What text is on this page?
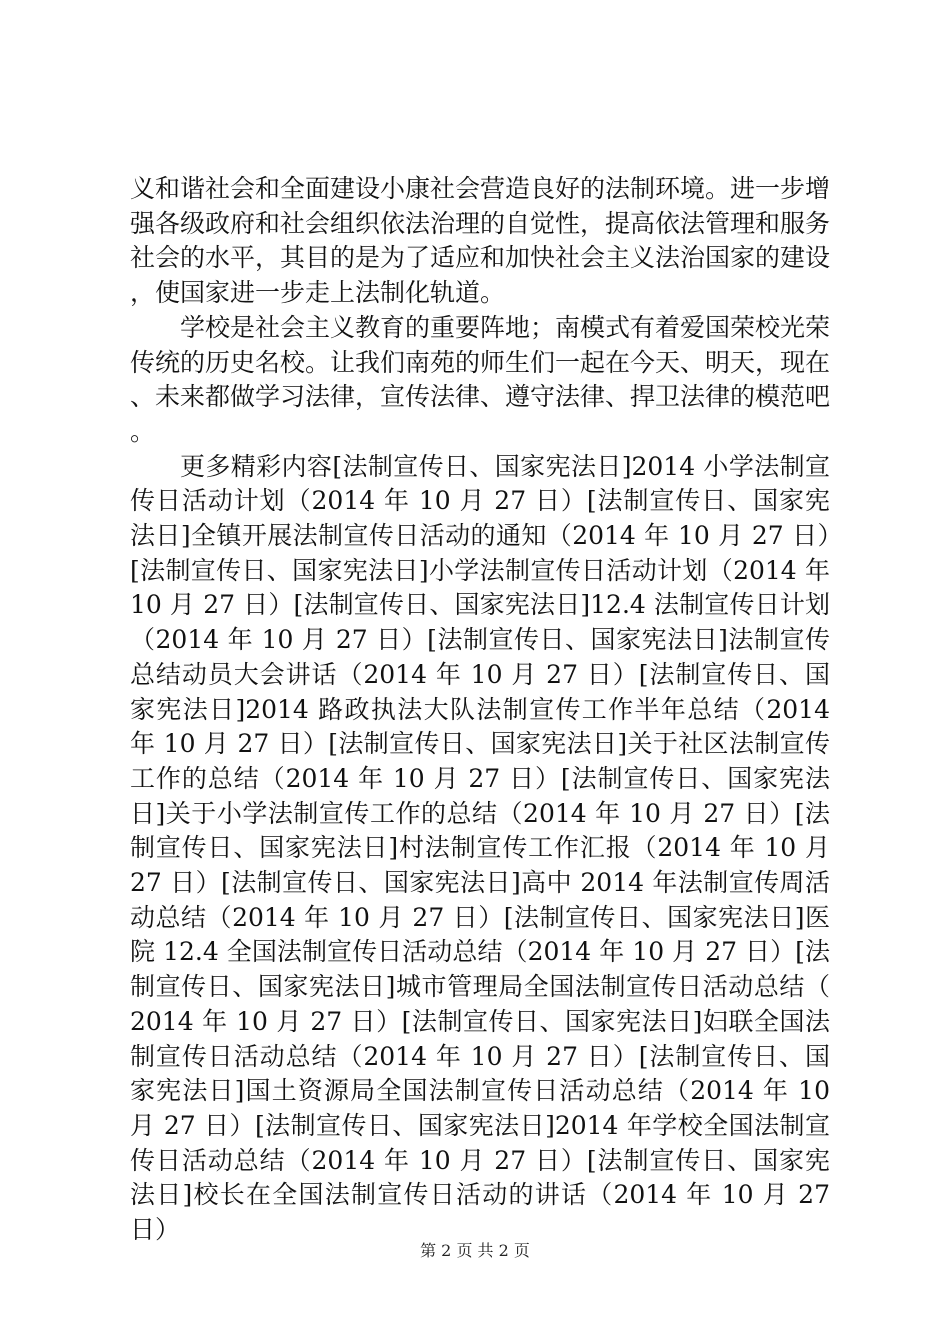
义和谐社会和全面建设小康社会营造良好的法制环境。进一步增强各级政府和社会组织依法治理的自觉性，提高依法管理和服务社会的水平，其目的是为了适应和加快社会主义法治国家的建设，使国家进一步走上法制化轨道。

学校是社会主义教育的重要阵地；南模式有着爱国荣校光荣传统的历史名校。让我们南苑的师生们一起在今天、明天，现在、未来都做学习法律，宣传法律、遵守法律、捍卫法律的模范吧。

更多精彩内容[法制宣传日、国家宪法日]2014 小学法制宣传日活动计划（2014 年 10 月 27 日）[法制宣传日、国家宪法日]全镇开展法制宣传日活动的通知（2014 年 10 月 27 日）[法制宣传日、国家宪法日]小学法制宣传日活动计划（2014 年 10 月 27 日）[法制宣传日、国家宪法日]12.4 法制宣传日计划（2014 年 10 月 27 日）[法制宣传日、国家宪法日]法制宣传总结动员大会讲话（2014 年 10 月 27 日）[法制宣传日、国家宪法日]2014 路政执法大队法制宣传工作半年总结（2014 年 10 月 27 日）[法制宣传日、国家宪法日]关于社区法制宣传工作的总结（2014 年 10 月 27 日）[法制宣传日、国家宪法日]关于小学法制宣传工作的总结（2014 年 10 月 27 日）[法制宣传日、国家宪法日]村法制宣传工作汇报（2014 年 10 月 27 日）[法制宣传日、国家宪法日]高中 2014 年法制宣传周活动总结（2014 年 10 月 27 日）[法制宣传日、国家宪法日]医院 12.4 全国法制宣传日活动总结（2014 年 10 月 27 日）[法制宣传日、国家宪法日]城市管理局全国法制宣传日活动总结（2014 年 10 月 27 日）[法制宣传日、国家宪法日]妇联全国法制宣传日活动总结（2014 年 10 月 27 日）[法制宣传日、国家宪法日]国土资源局全国法制宣传日活动总结（2014 年 10 月 27 日）[法制宣传日、国家宪法日]2014 年学校全国法制宣传日活动总结（2014 年 10 月 27 日）[法制宣传日、国家宪法日]校长在全国法制宣传日活动的讲话（2014 年 10 月 27 日）

第 2 页 共 2 页
